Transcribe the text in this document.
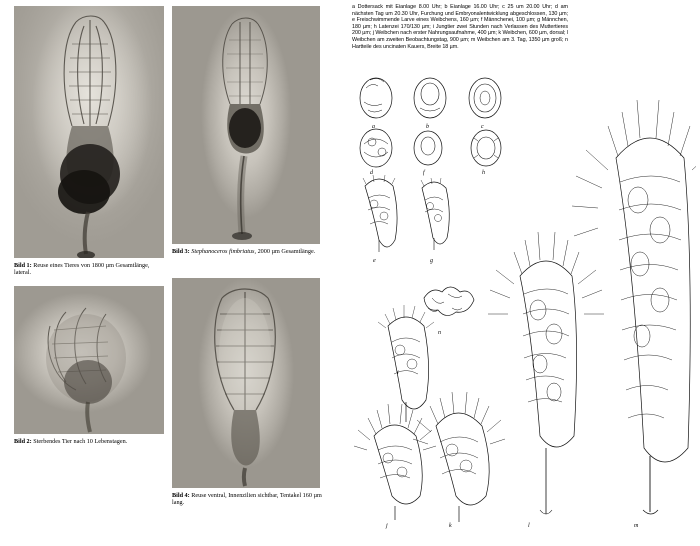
Bild 1: Reuse eines Tieres von 1800 µm Gesamtlänge, lateral.
Bild 2: Sterbendes Tier nach 10 Lebenstagen.
Bild 3: Stephanoceros fimbriatus, 2000 µm Gesamtlänge.
Bild 4: Reuse ventral, Innenzilien sichtbar, Tentakel 160 µm lang.
a Dottersack mit Eianlage 8.00 Uhr; b Eianlage 16.00 Uhr; c 25 um 20.00 Uhr; d am nächsten Tag um 20.30 Uhr, Furchung und Embryonalentwicklung abgeschlossen, 130 µm; e Freischwimmende Larve eines Weibchens, 160 µm; f Männchenei, 100 µm; g Männchen, 180 µm; h Latenzei 170/130 µm; i Jungtier zwei Stunden nach Verlassen des Muttertieres 200 µm; j Weibchen nach erster Nahrungsaufnahme, 400 µm; k Weibchen, 600 µm, dorsal; l Weibchen am zweiten Beobachtungstag, 900 µm; m Weibchen am 3. Tag, 1350 µm groß; n Hartteile des uncinaten Kauers, Breite 18 µm.
a	b	c
d	f	h
e	g
n
i
j	k	l	m
